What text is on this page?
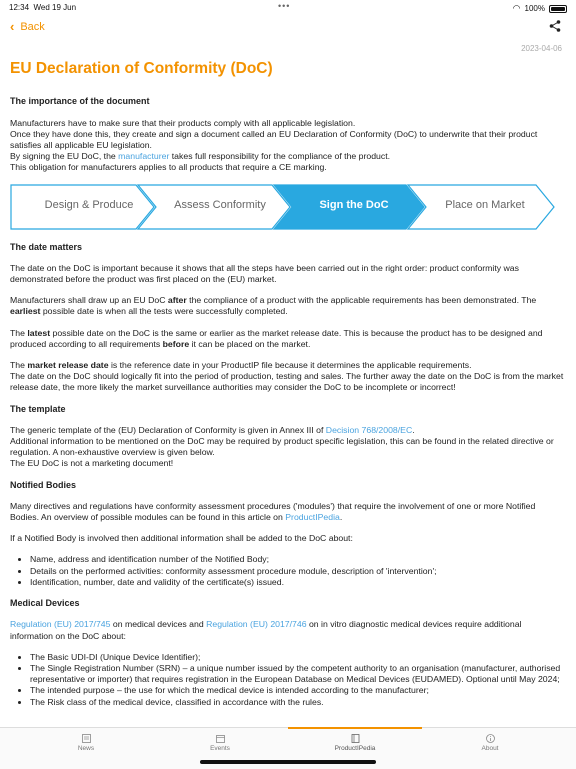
12:34 Wed 19 Jun	•••	◠ 100%
‹ Back
2023-04-06
EU Declaration of Conformity (DoC)
The importance of the document

Manufacturers have to make sure that their products comply with all applicable legislation.
Once they have done this, they create and sign a document called an EU Declaration of Conformity (DoC) to underwrite that their product satisfies all applicable EU legislation.
By signing the EU DoC, the manufacturer takes full responsibility for the compliance of the product.
This obligation for manufacturers applies to all products that require a CE marking.

Design & Produce	Assess Conformity	Sign the DoC	Place on Market
The date matters

The date on the DoC is important because it shows that all the steps have been carried out in the right order: product conformity was demonstrated before the product was first placed on the (EU) market.

Manufacturers shall draw up an EU DoC after the compliance of a product with the applicable requirements has been demonstrated. The earliest possible date is when all the tests were successfully completed.

The latest possible date on the DoC is the same or earlier as the market release date. This is because the product has to be designed and produced according to all requirements before it can be placed on the market.

The market release date is the reference date in your ProductIP file because it determines the applicable requirements.
The date on the DoC should logically fit into the period of production, testing and sales. The further away the date on the DoC is from the market release date, the more likely the market surveillance authorities may consider the DoC to be incomplete or incorrect!

The template

The generic template of the (EU) Declaration of Conformity is given in Annex III of Decision 768/2008/EC.
Additional information to be mentioned on the DoC may be required by product specific legislation, this can be found in the related directive or regulation. A non-exhaustive overview is given below.
The EU DoC is not a marketing document!

Notified Bodies

Many directives and regulations have conformity assessment procedures ('modules') that require the involvement of one or more Notified Bodies. An overview of possible modules can be found in this article on ProductIPedia.

If a Notified Body is involved then additional information shall be added to the DoC about:

• Name, address and identification number of the Notified Body;
• Details on the performed activities: conformity assessment procedure module, description of 'intervention';
• Identification, number, date and validity of the certificate(s) issued.
Medical Devices

Regulation (EU) 2017/745 on medical devices and Regulation (EU) 2017/746 on in vitro diagnostic medical devices require additional information on the DoC about:

• The Basic UDI-DI (Unique Device Identifier);
• The Single Registration Number (SRN) – a unique number issued by the competent authority to an organisation (manufacturer, authorised representative or importer) that requires registration in the European Database on Medical Devices (EUDAMED). Optional until May 2024;
• The intended purpose – the use for which the medical device is intended according to the manufacturer;
• The Risk class of the medical device, classified in accordance with the rules.
News	Events	ProductIPedia	About
